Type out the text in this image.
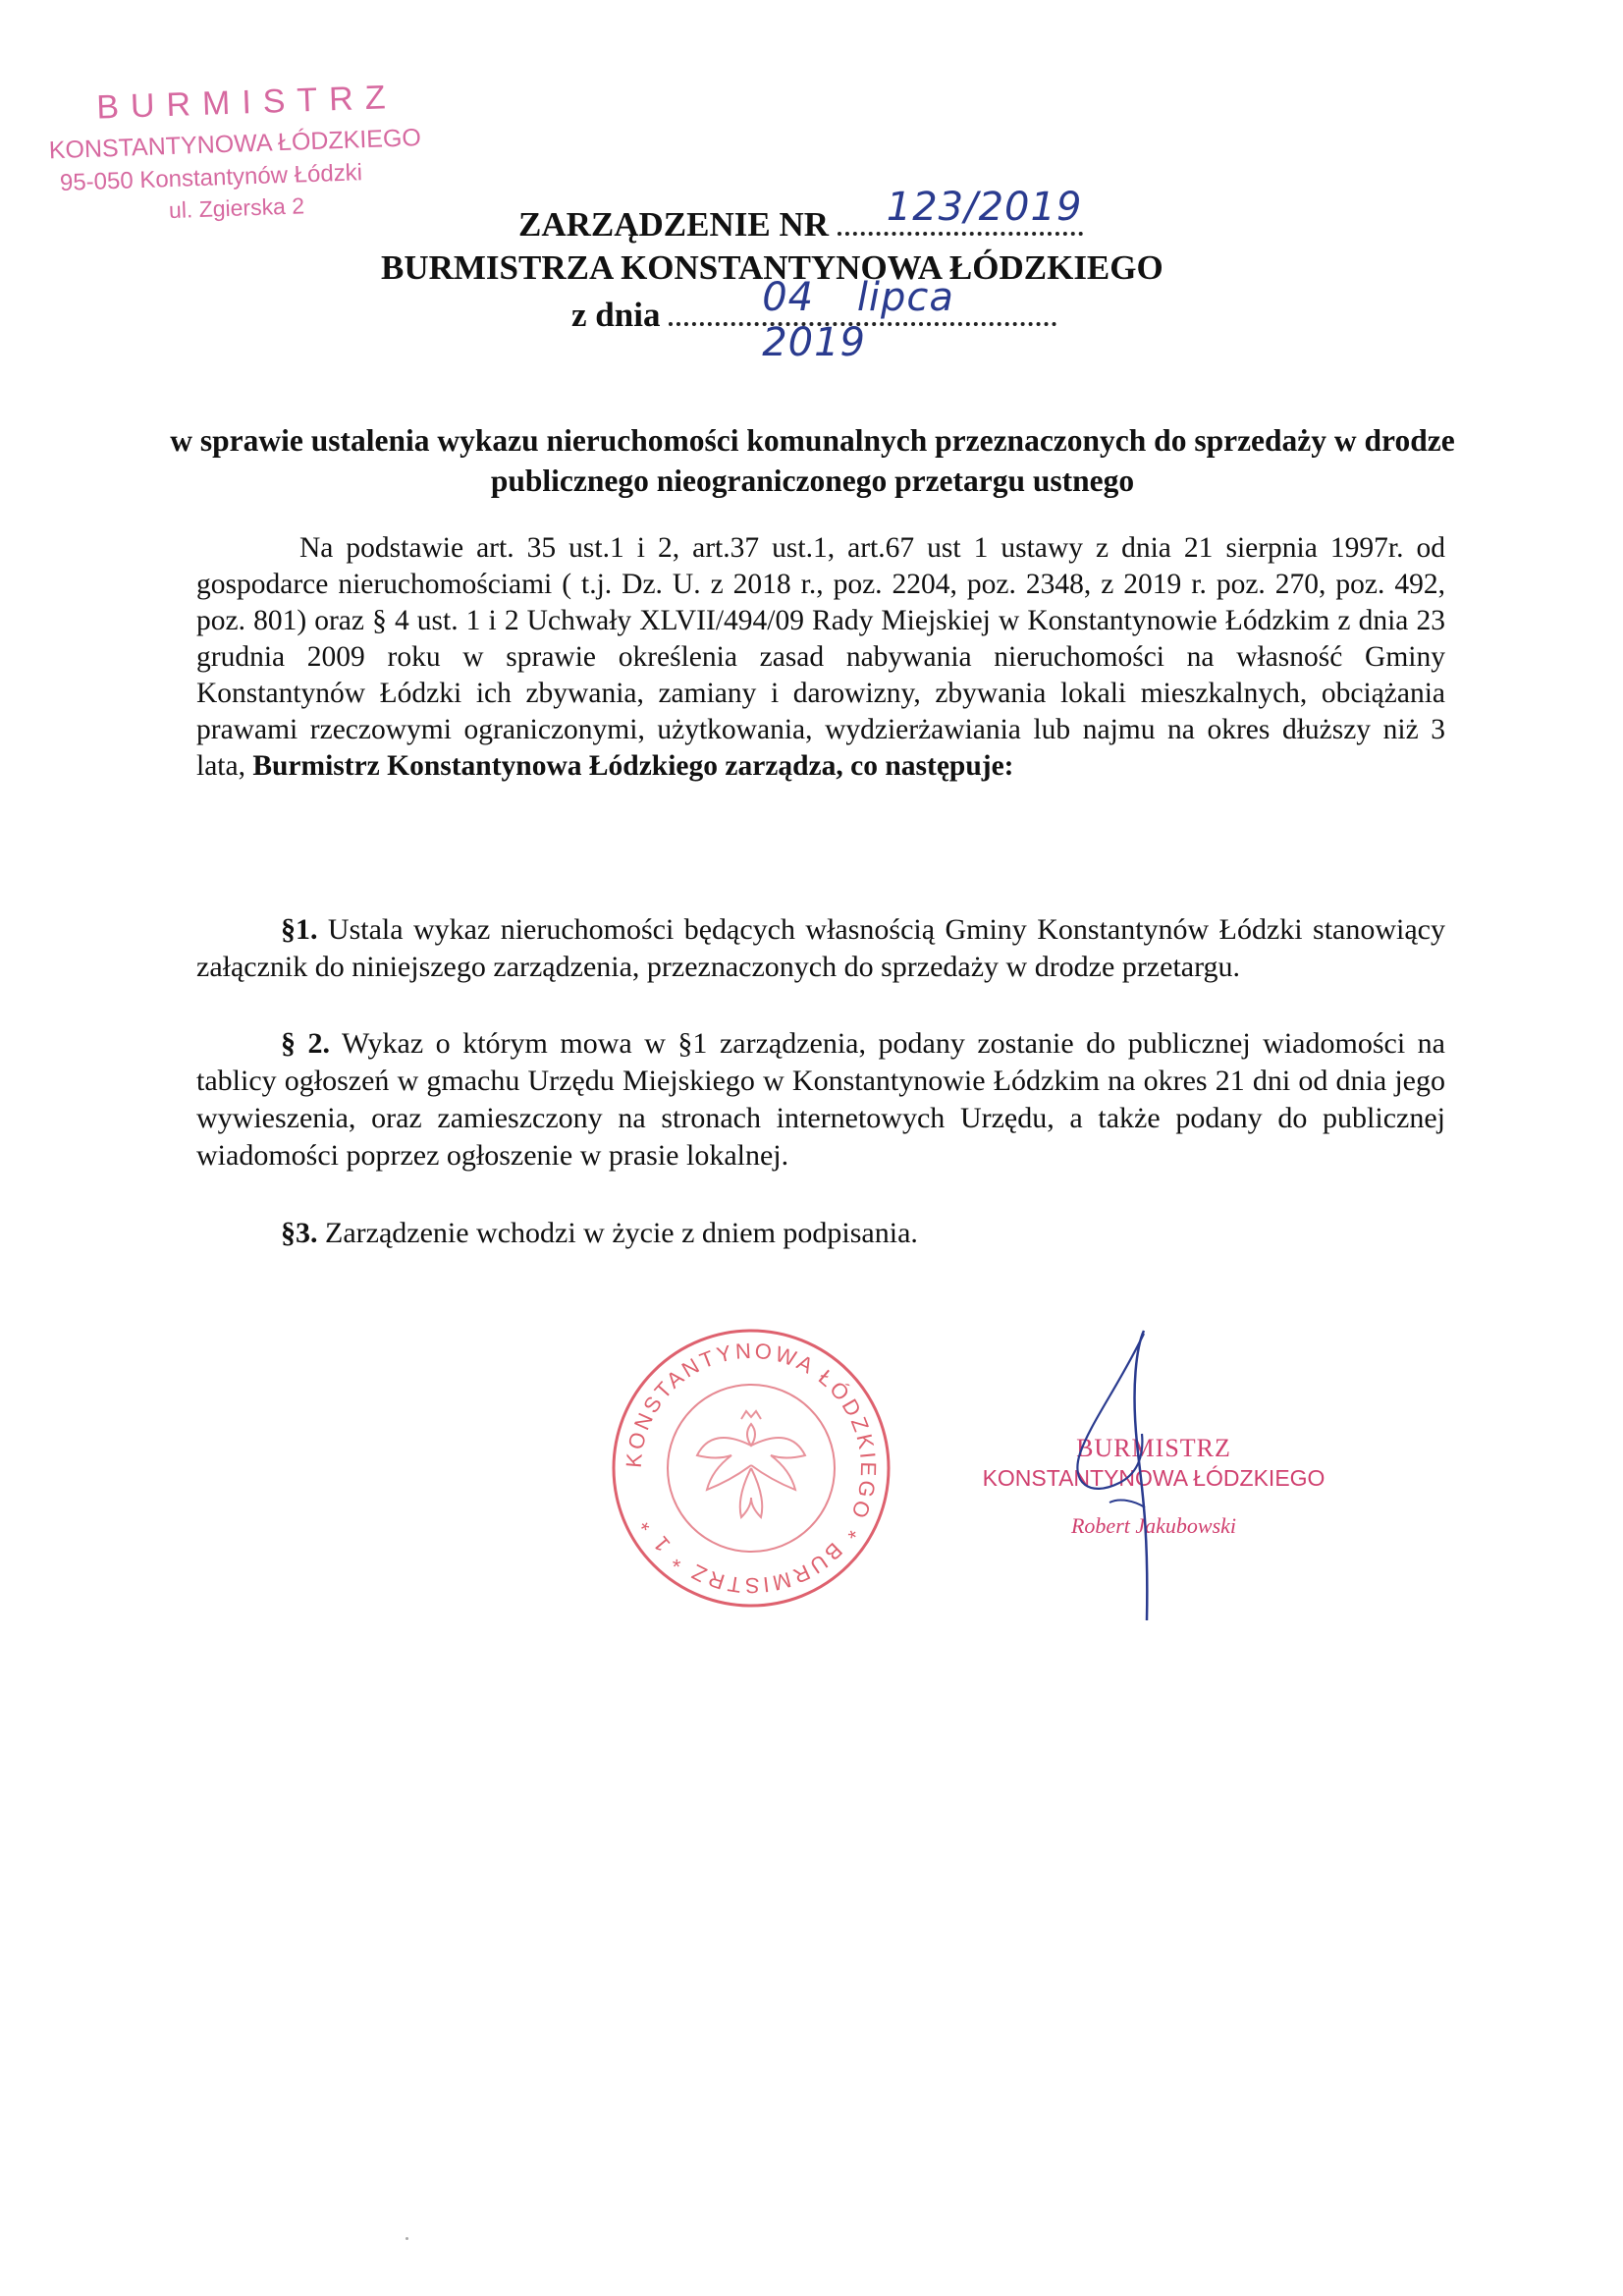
BURMISTRZ
KONSTANTYNOWA ŁÓDZKIEGO
95-050 Konstantynów Łódzki
ul. Zgierska 2	ZARZĄDZENIE NR 123/2019
BURMISTRZA KONSTANTYNOWA ŁÓDZKIEGO
z dnia	04 lipca 2019
w sprawie ustalenia wykazu nieruchomości komunalnych przeznaczonych do sprzedaży w drodze publicznego nieograniczonego przetargu ustnego
Na podstawie art. 35 ust.1 i 2, art.37 ust.1, art.67 ust 1 ustawy z dnia 21 sierpnia 1997r. od gospodarce nieruchomościami ( t.j. Dz. U. z 2018 r., poz. 2204, poz. 2348, z 2019 r. poz. 270, poz. 492, poz. 801) oraz § 4 ust. 1 i 2 Uchwały XLVII/494/09 Rady Miejskiej w Konstantynowie Łódzkim z dnia 23 grudnia 2009 roku w sprawie określenia zasad nabywania nieruchomości na własność Gminy Konstantynów Łódzki ich zbywania, zamiany i darowizny, zbywania lokali mieszkalnych, obciążania prawami rzeczowymi ograniczonymi, użytkowania, wydzierżawiania lub najmu na okres dłuższy niż 3 lata, Burmistrz Konstantynowa Łódzkiego zarządza, co następuje:
§1. Ustala wykaz nieruchomości będących własnością Gminy Konstantynów Łódzki stanowiący załącznik do niniejszego zarządzenia, przeznaczonych do sprzedaży w drodze przetargu.
§ 2. Wykaz o którym mowa w §1 zarządzenia, podany zostanie do publicznej wiadomości na tablicy ogłoszeń w gmachu Urzędu Miejskiego w Konstantynowie Łódzkim na okres 21 dni od dnia jego wywieszenia, oraz zamieszczony na stronach internetowych Urzędu, a także podany do publicznej wiadomości poprzez ogłoszenie w prasie lokalnej.
§3. Zarządzenie wchodzi w życie z dniem podpisania.
KONSTANTYNOWA ŁÓDZKIEGO * BURMISTRZ * 1 *
BURMISTRZ
KONSTANTYNOWA ŁÓDZKIEGO
Robert Jakubowski
